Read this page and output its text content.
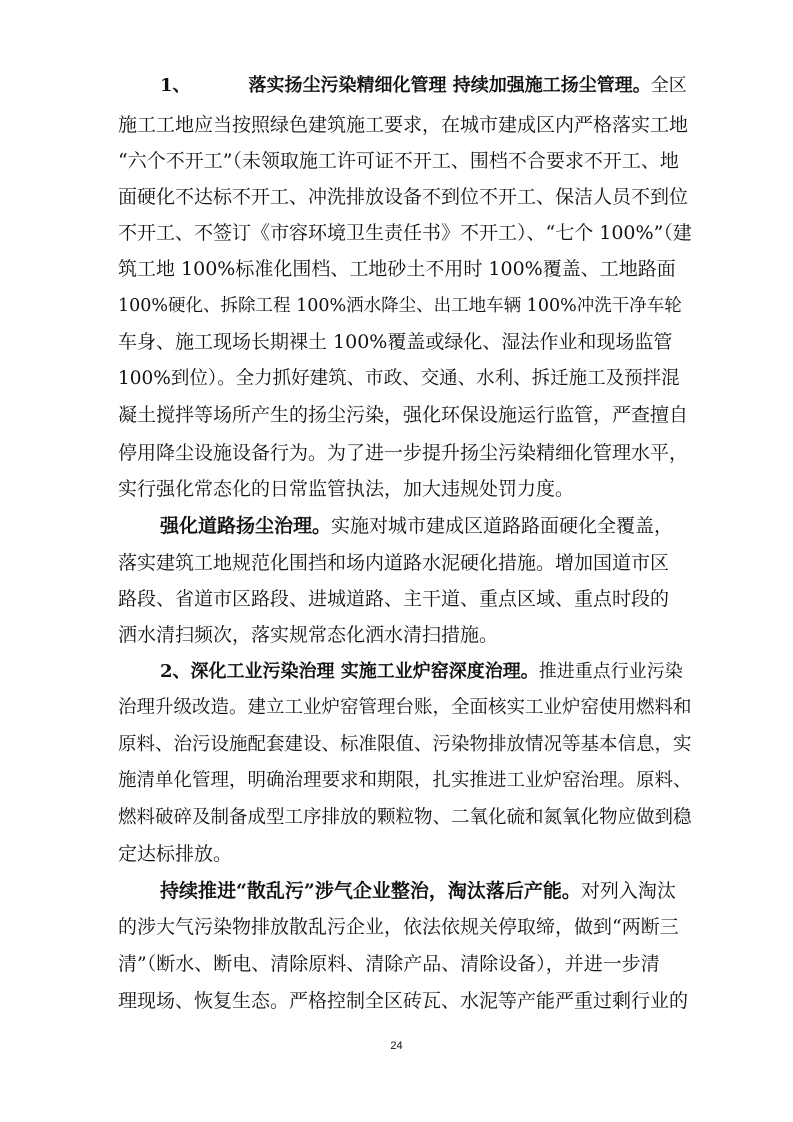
1、	落实扬尘污染精细化管理 持续加强施工扬尘管理。 全区
施工工地应当按照绿色建筑施工要求，在城市建成区内严格落实工地
“六个不开工”（未领取施工许可证不开工、围档不合要求不开工、地
面硬化不达标不开工、冲洗排放设备不到位不开工、保洁人员不到位
不开工、不签订《市容环境卫生责任书》不开工）、“七个 100%”（建
筑工地 100%标准化围档、工地砂土不用时 100%覆盖、工地路面
100%硬化、拆除工程 100%洒水降尘、出工地车辆 100%冲洗干净车轮
车身、施工现场长期裸土 100%覆盖或绿化、湿法作业和现场监管
100%到位）。全力抓好建筑、市政、交通、水利、拆迁施工及预拌混
凝土搅拌等场所产生的扬尘污染，强化环保设施运行监管，严查擅自
停用降尘设施设备行为。为了进一步提升扬尘污染精细化管理水平，
实行强化常态化的日常监管执法，加大违规处罚力度。
强化道路扬尘治理。 实施对城市建成区道路路面硬化全覆盖，
落实建筑工地规范化围挡和场内道路水泥硬化措施。增加国道市区
路段、省道市区路段、进城道路、主干道、重点区域、重点时段的
洒水清扫频次，落实规常态化洒水清扫措施。
2、深化工业污染治理 实施工业炉窑深度治理。 推进重点行业污染
治理升级改造。建立工业炉窑管理台账，全面核实工业炉窑使用燃料和
原料、治污设施配套建设、标准限值、污染物排放情况等基本信息，实
施清单化管理，明确治理要求和期限，扎实推进工业炉窑治理。原料、
燃料破碎及制备成型工序排放的颗粒物、二氧化硫和氮氧化物应做到稳
定达标排放。
持续推进“散乱污”涉气企业整治，淘汰落后产能。 对列入淘汰
的涉大气污染物排放散乱污企业，依法依规关停取缔，做到“两断三
清”（断水、断电、清除原料、清除产品、清除设备），并进一步清
理现场、恢复生态。严格控制全区砖瓦、水泥等产能严重过剩行业的
24
